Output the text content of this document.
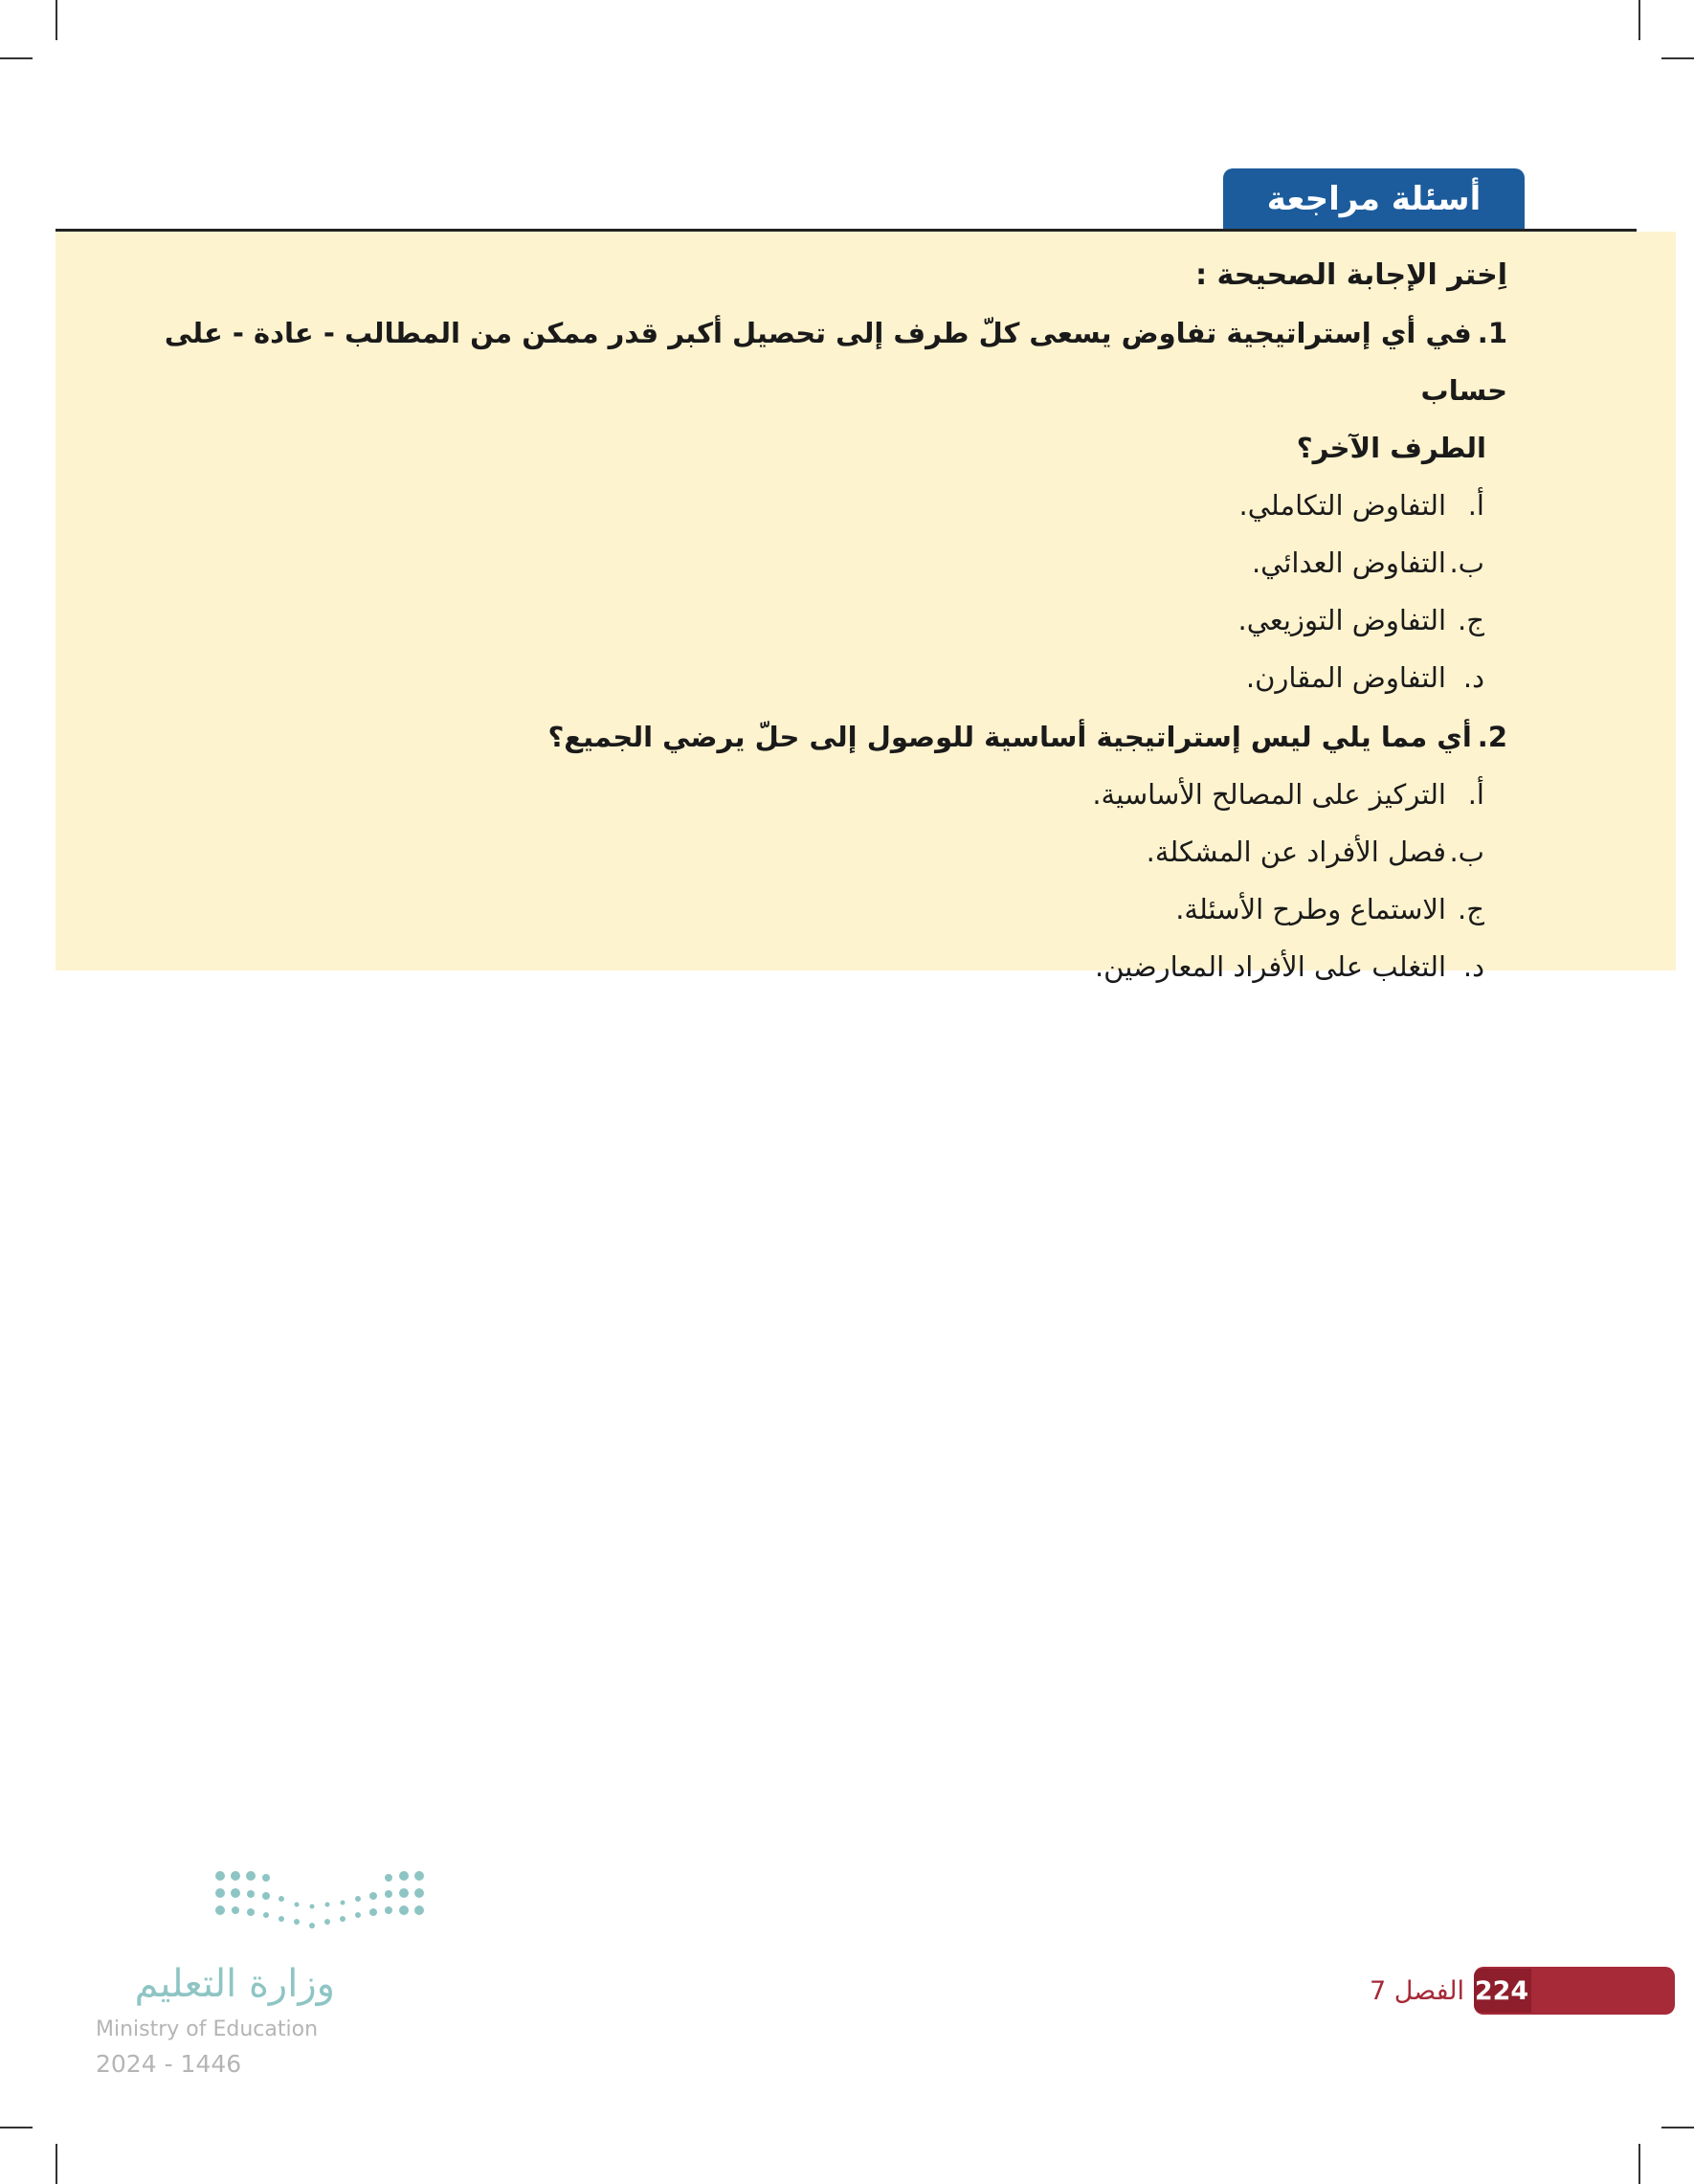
أسئلة مراجعة

اِختر الإجابة الصحيحة :

1.في أي إستراتيجية تفاوض يسعى كلّ طرف إلى تحصيل أكبر قدر ممكن من المطالب - عادة - على حساب
الطرف الآخر؟

أ.
التفاوض التكاملي.
ب.
التفاوض العدائي.
ج.
التفاوض التوزيعي.
د.
التفاوض المقارن.

2.أي مما يلي ليس إستراتيجية أساسية للوصول إلى حلّ يرضي الجميع؟

أ.
التركيز على المصالح الأساسية.
ب.
فصل الأفراد عن المشكلة.
ج.
الاستماع وطرح الأسئلة.
د.
التغلب على الأفراد المعارضين.
وزارة التعليم
Ministry of Education
2024 - 1446
224
الفصل 7
